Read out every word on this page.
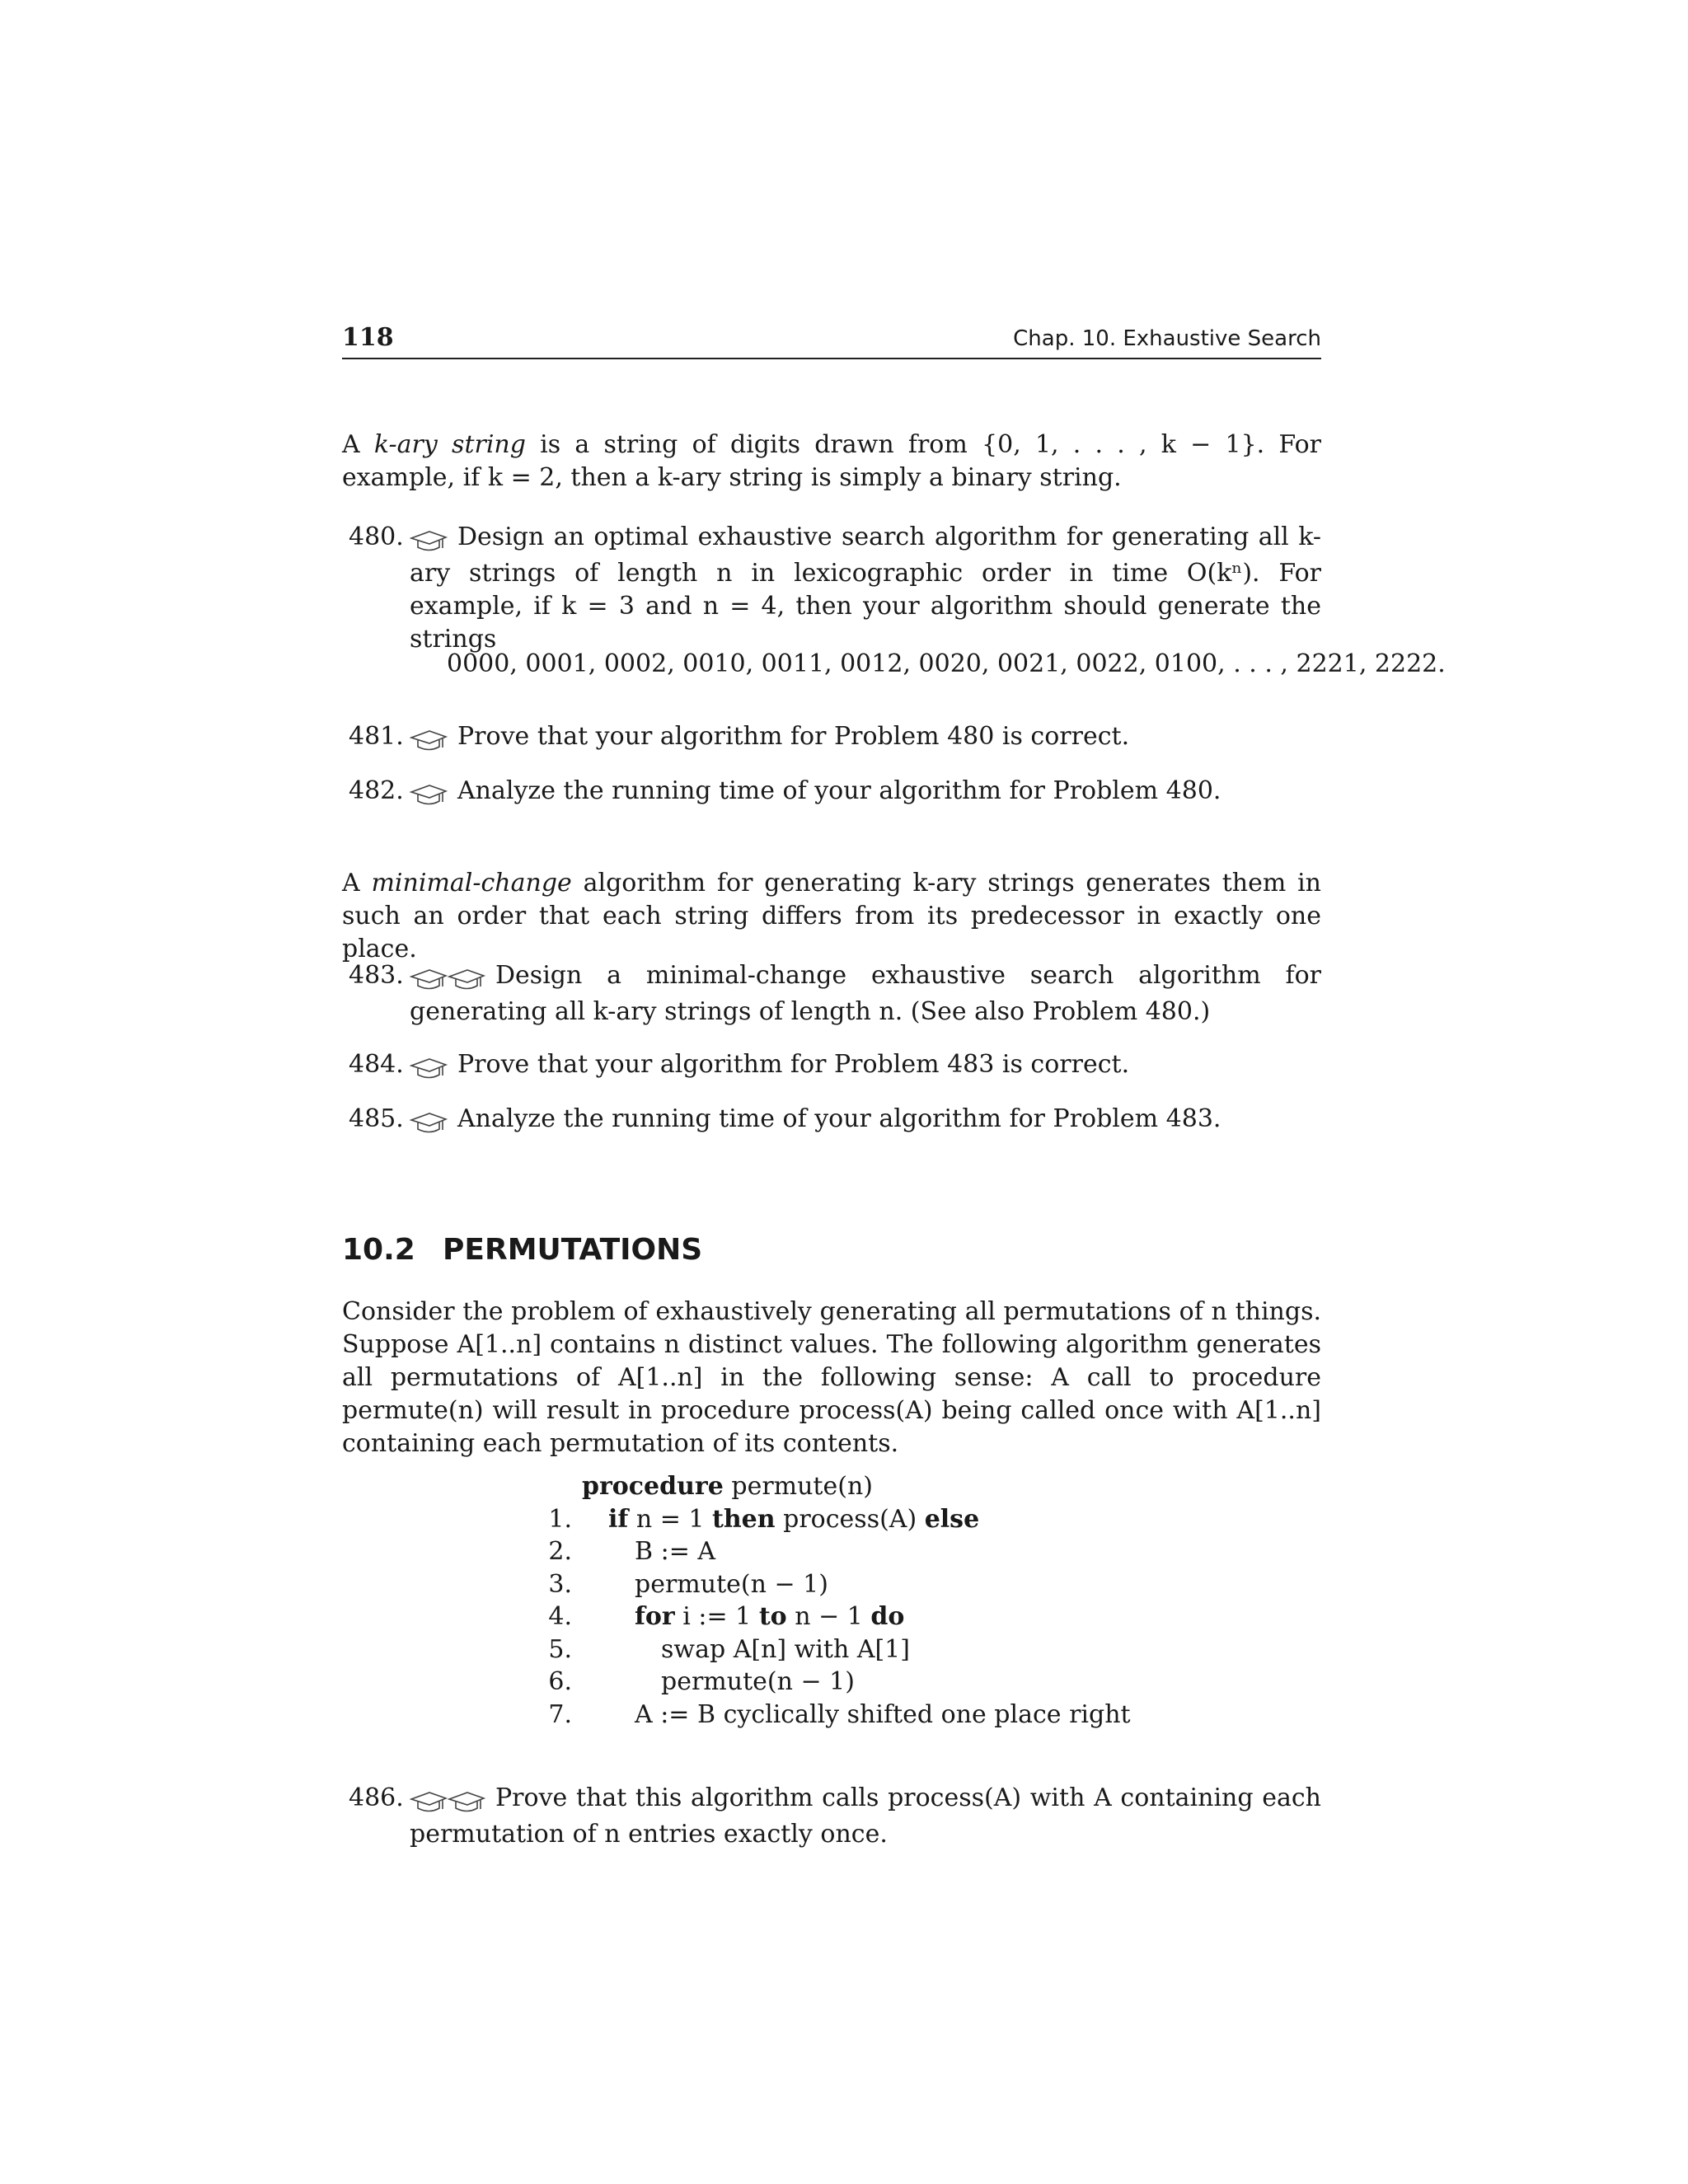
118	Chap. 10. Exhaustive Search
A k-ary string is a string of digits drawn from {0, 1, . . . , k − 1}. For example, if k = 2, then a k-ary string is simply a binary string.
480.	Design an optimal exhaustive search algorithm for generating all k-ary strings of length n in lexicographic order in time O(kⁿ). For example, if k = 3 and n = 4, then your algorithm should generate the strings
0000, 0001, 0002, 0010, 0011, 0012, 0020, 0021, 0022, 0100, . . . , 2221, 2222.
481.	Prove that your algorithm for Problem 480 is correct.
482.	Analyze the running time of your algorithm for Problem 480.
A minimal-change algorithm for generating k-ary strings generates them in such an order that each string differs from its predecessor in exactly one place.
483.	Design a minimal-change exhaustive search algorithm for generating all k-ary strings of length n. (See also Problem 480.)
484.	Prove that your algorithm for Problem 483 is correct.
485.	Analyze the running time of your algorithm for Problem 483.
10.2 PERMUTATIONS
Consider the problem of exhaustively generating all permutations of n things. Suppose A[1..n] contains n distinct values. The following algorithm generates all permutations of A[1..n] in the following sense: A call to procedure permute(n) will result in procedure process(A) being called once with A[1..n] containing each permutation of its contents.
procedure permute(n)
1. if n = 1 then process(A) else
2.	B := A
3.	permute(n − 1)
4.	for i := 1 to n − 1 do
5.	swap A[n] with A[1]
6.	permute(n − 1)
7.	A := B cyclically shifted one place right
486.	Prove that this algorithm calls process(A) with A containing each permutation of n entries exactly once.
